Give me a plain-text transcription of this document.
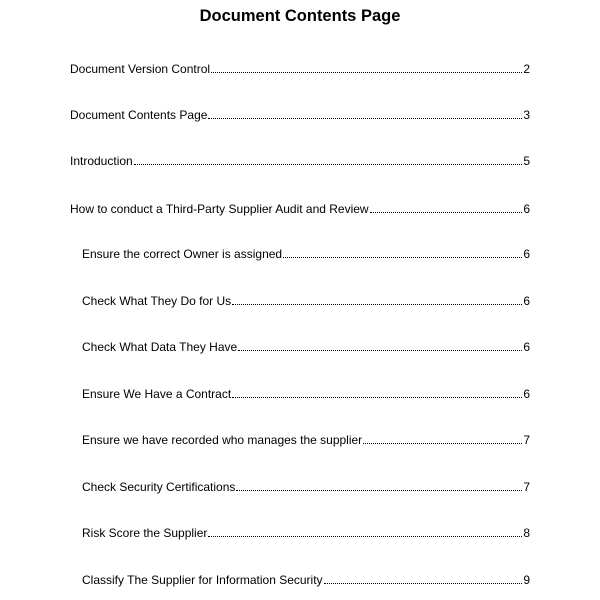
Document Contents Page
Document Version Control	2
Document Contents Page	3
Introduction	5
How to conduct a Third-Party Supplier Audit and Review	6
Ensure the correct Owner is assigned	6
Check What They Do for Us	6
Check What Data They Have	6
Ensure We Have a Contract	6
Ensure we have recorded who manages the supplier	7
Check Security Certifications	7
Risk Score the Supplier	8
Classify The Supplier for Information Security	9
